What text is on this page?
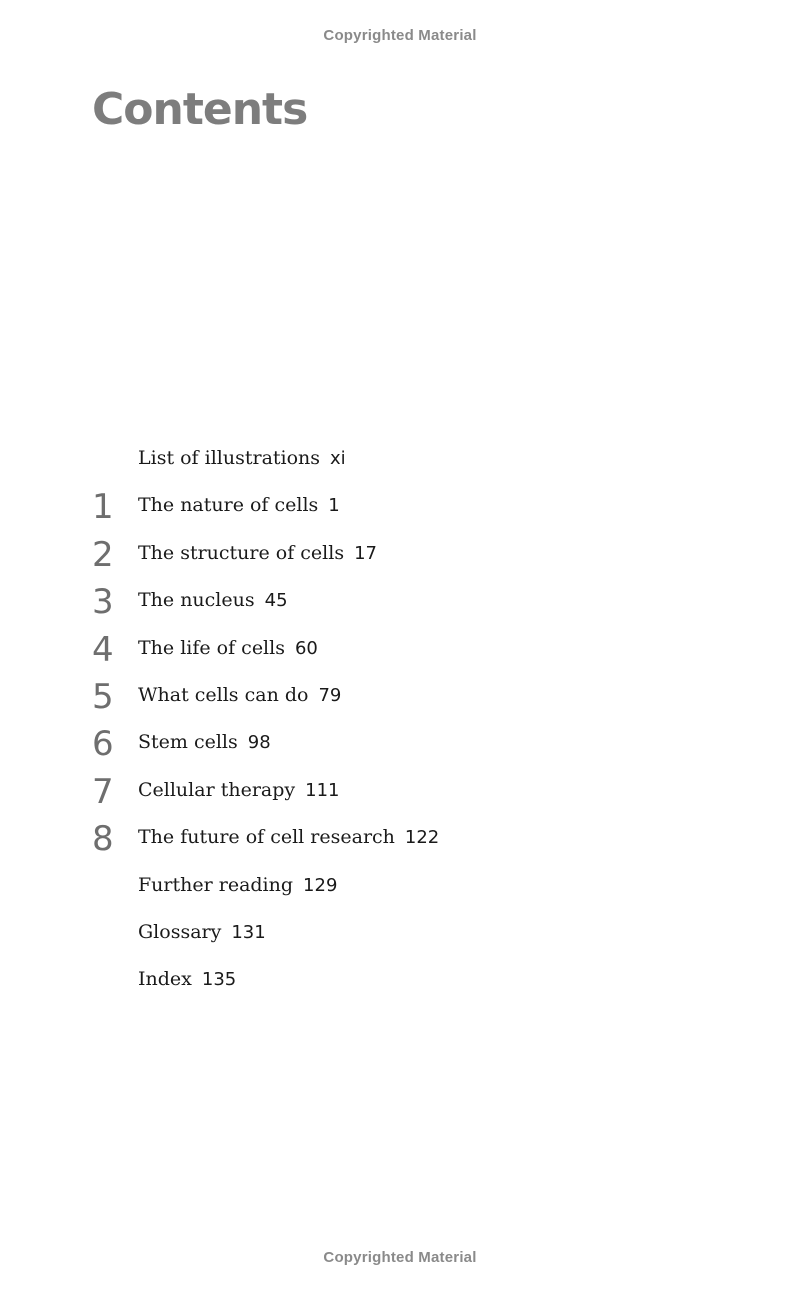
Copyrighted Material
Contents
List of illustrations xi
1	The nature of cells 1
2	The structure of cells 17
3	The nucleus 45
4	The life of cells 60
5	What cells can do 79
6	Stem cells 98
7	Cellular therapy 111
8	The future of cell research 122
Further reading 129
Glossary 131
Index 135
Copyrighted Material
